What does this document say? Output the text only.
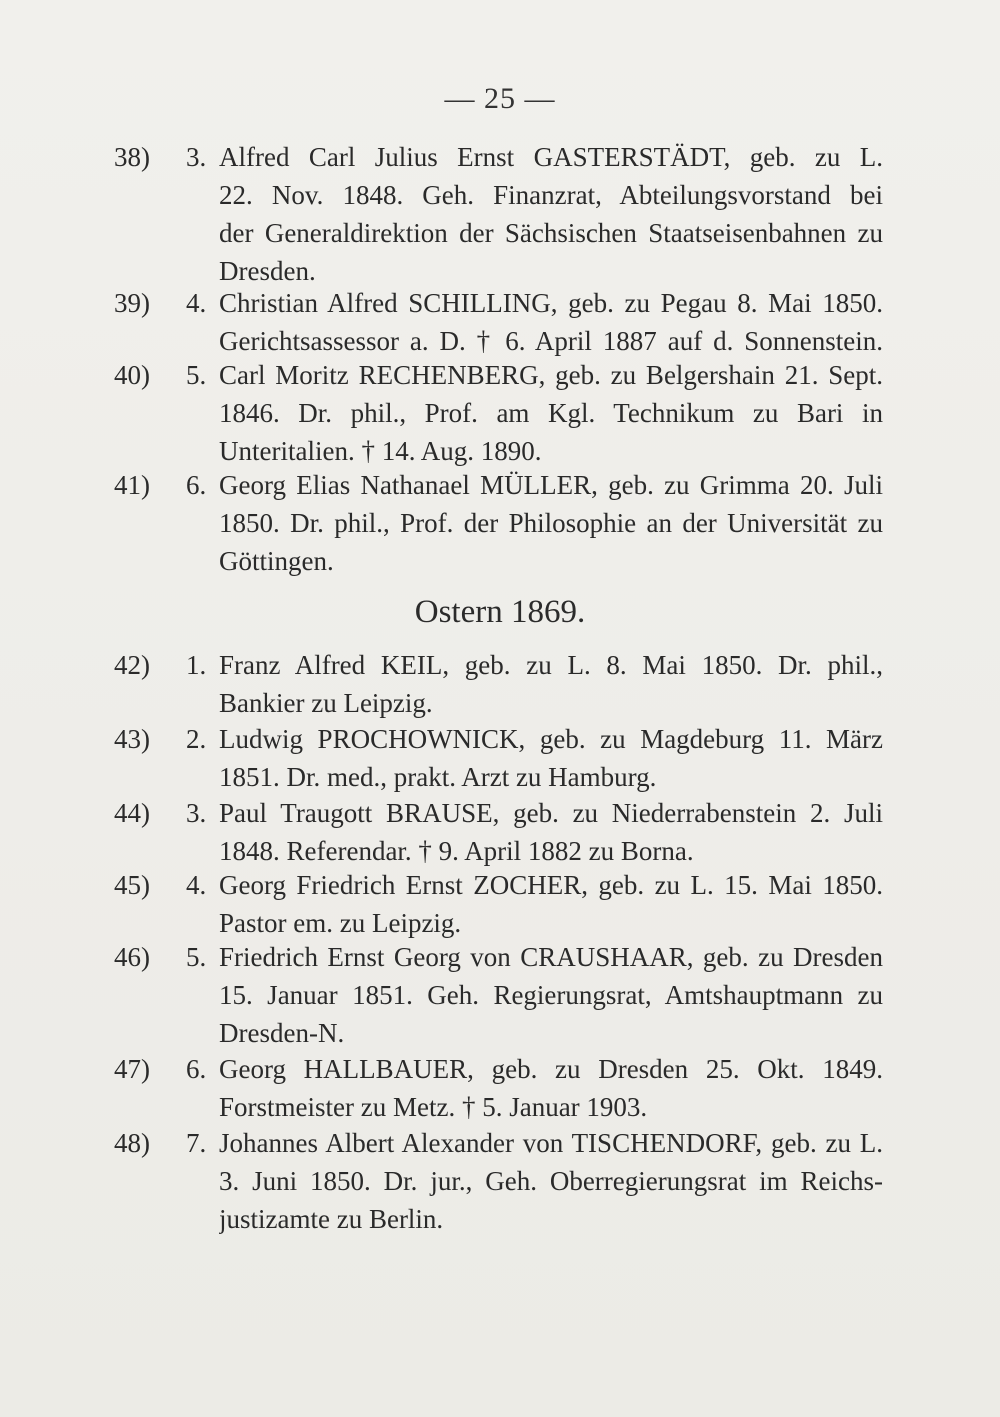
— 25 —
38) 3. Alfred Carl Julius Ernst GASTERSTÄDT, geb. zu L.
22. Nov. 1848. Geh. Finanzrat, Abteilungsvorstand bei
der Generaldirektion der Sächsischen Staatseisenbahnen zu
Dresden.
39) 4. Christian Alfred SCHILLING, geb. zu Pegau 8. Mai 1850.
Gerichtsassessor a. D. † 6. April 1887 auf d. Sonnenstein.
40) 5. Carl Moritz RECHENBERG, geb. zu Belgershain 21. Sept.
1846. Dr. phil., Prof. am Kgl. Technikum zu Bari in
Unteritalien. † 14. Aug. 1890.
41) 6. Georg Elias Nathanael MÜLLER, geb. zu Grimma 20. Juli
1850. Dr. phil., Prof. der Philosophie an der Universität zu
Göttingen.
Ostern 1869.
42) 1. Franz Alfred KEIL, geb. zu L. 8. Mai 1850. Dr. phil.,
Bankier zu Leipzig.
43) 2. Ludwig PROCHOWNICK, geb. zu Magdeburg 11. März
1851. Dr. med., prakt. Arzt zu Hamburg.
44) 3. Paul Traugott BRAUSE, geb. zu Niederrabenstein 2. Juli
1848. Referendar. † 9. April 1882 zu Borna.
45) 4. Georg Friedrich Ernst ZOCHER, geb. zu L. 15. Mai 1850.
Pastor em. zu Leipzig.
46) 5. Friedrich Ernst Georg von CRAUSHAAR, geb. zu Dresden
15. Januar 1851. Geh. Regierungsrat, Amtshauptmann zu
Dresden-N.
47) 6. Georg HALLBAUER, geb. zu Dresden 25. Okt. 1849.
Forstmeister zu Metz. † 5. Januar 1903.
48) 7. Johannes Albert Alexander von TISCHENDORF, geb. zu L.
3. Juni 1850. Dr. jur., Geh. Oberregierungsrat im Reichs-
justizamte zu Berlin.
